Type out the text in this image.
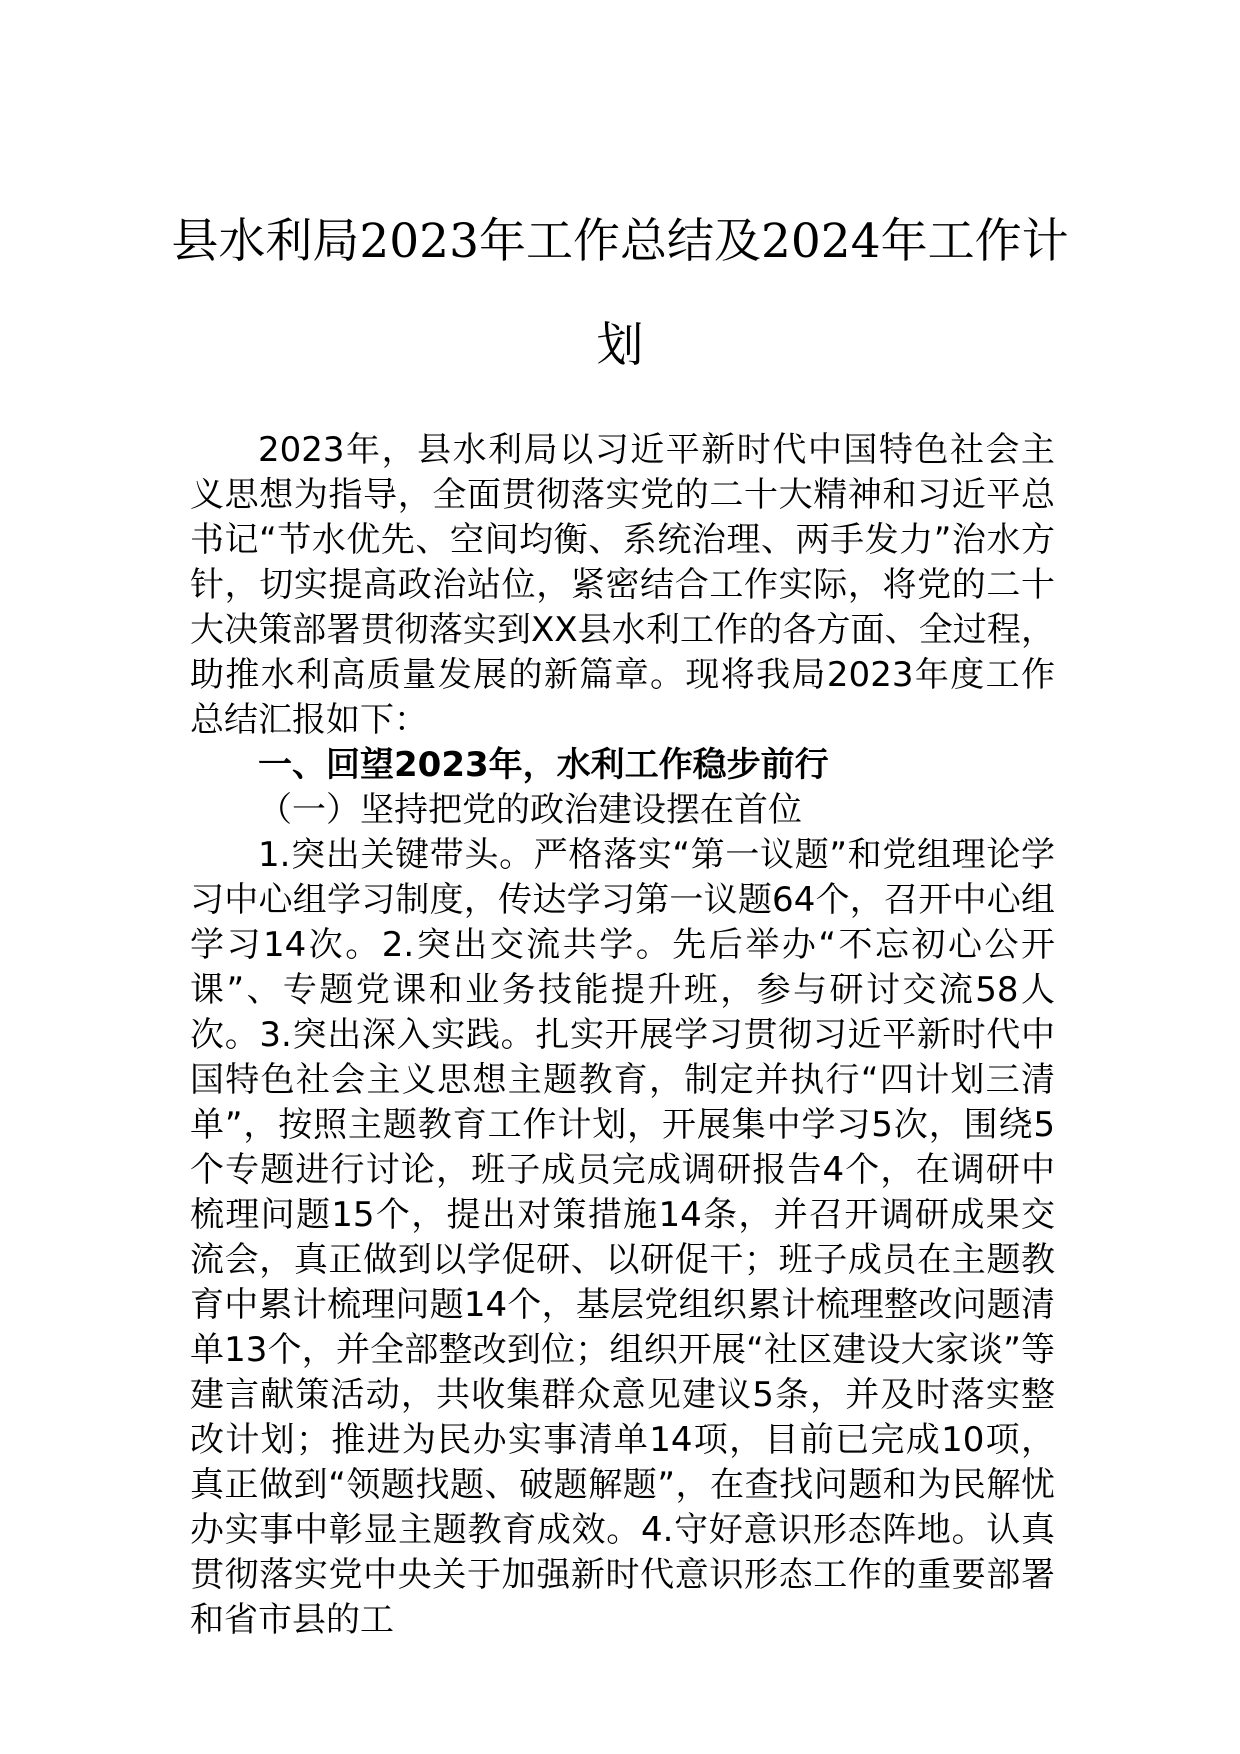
县水利局2023年工作总结及2024年工作计
划

2023年，县水利局以习近平新时代中国特色社会主义思想为指导，全面贯彻落实党的二十大精神和习近平总书记“节水优先、空间均衡、系统治理、两手发力”治水方针，切实提高政治站位，紧密结合工作实际，将党的二十大决策部署贯彻落实到XX县水利工作的各方面、全过程，助推水利高质量发展的新篇章。现将我局2023年度工作总结汇报如下：

一、回望2023年，水利工作稳步前行

（一）坚持把党的政治建设摆在首位

1.突出关键带头。严格落实“第一议题”和党组理论学习中心组学习制度，传达学习第一议题64个，召开中心组学习14次。2.突出交流共学。先后举办“不忘初心公开课”、专题党课和业务技能提升班，参与研讨交流58人次。3.突出深入实践。扎实开展学习贯彻习近平新时代中国特色社会主义思想主题教育，制定并执行“四计划三清单”，按照主题教育工作计划，开展集中学习5次，围绕5个专题进行讨论，班子成员完成调研报告4个，在调研中梳理问题15个，提出对策措施14条，并召开调研成果交流会，真正做到以学促研、以研促干；班子成员在主题教育中累计梳理问题14个，基层党组织累计梳理整改问题清单13个，并全部整改到位；组织开展“社区建设大家谈”等建言献策活动，共收集群众意见建议5条，并及时落实整改计划；推进为民办实事清单14项，目前已完成10项，真正做到“领题找题、破题解题”，在查找问题和为民解忧办实事中彰显主题教育成效。4.守好意识形态阵地。认真贯彻落实党中央关于加强新时代意识形态工作的重要部署和省市县的工
